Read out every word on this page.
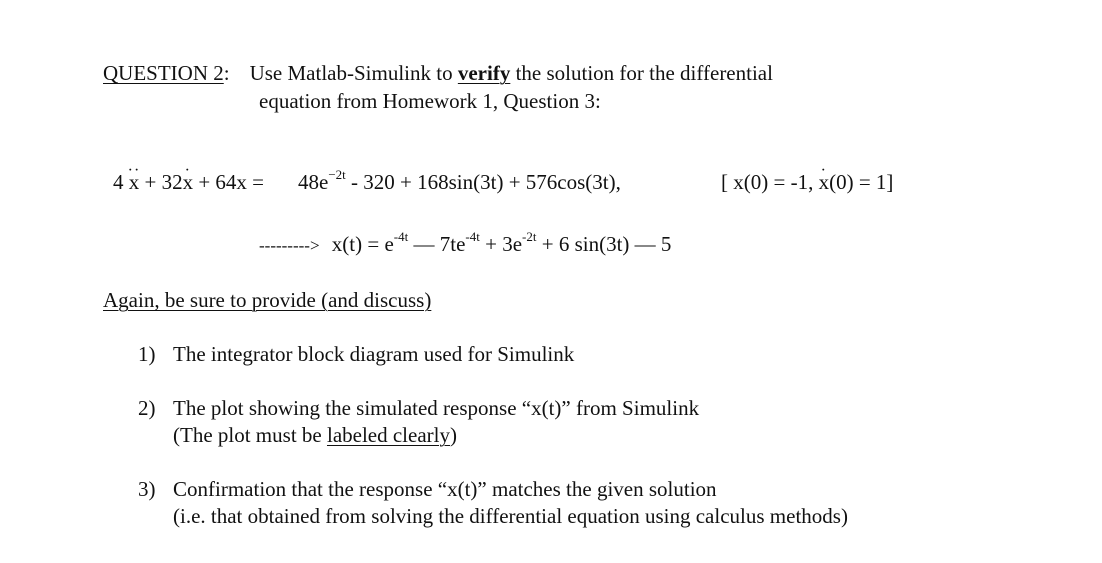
QUESTION 2: Use Matlab-Simulink to verify the solution for the differential
equation from Homework 1, Question 3:
4 x ·· + 32x · + $64x = 48e^{-2t} - 320 + 168\sin(3t) + 576\cos(3t)$,	[ x(0) = -1, x ·(0) = 1]
---------> $x(t) = e^{-4t}$ — $7te^{-4t} + 3e^{-2t} + 6$ sin(3t) — 5
Again, be sure to provide (and discuss)
1) The integrator block diagram used for Simulink
2) The plot showing the simulated response “x(t)” from Simulink
(The plot must be labeled clearly)
3) Confirmation that the response “x(t)” matches the given solution
(i.e. that obtained from solving the differential equation using calculus methods)
